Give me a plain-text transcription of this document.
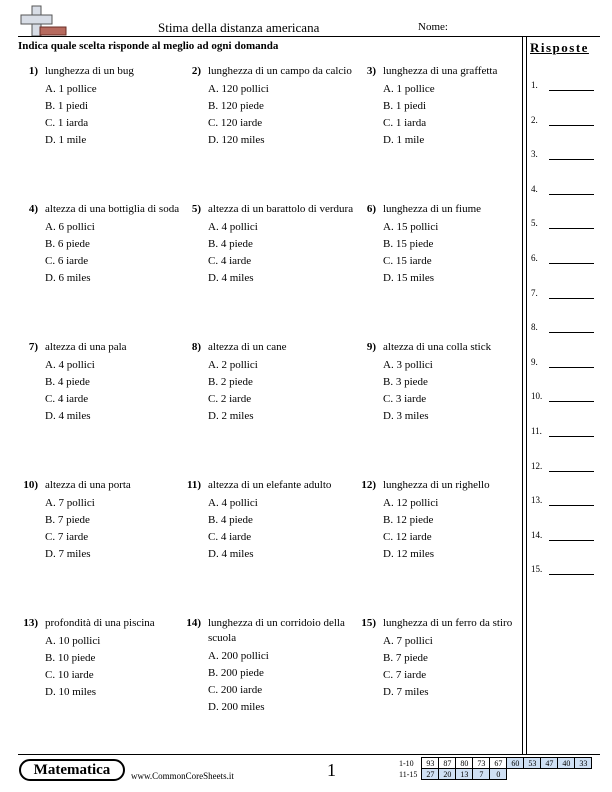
Stima della distanza americana	Nome:
Indica quale scelta risponde al meglio ad ogni domanda	Risposte
1) lunghezza di un bug
A. 1 pollice
B. 1 piedi
C. 1 iarda
D. 1 mile
2) lunghezza di un campo da calcio
A. 120 pollici
B. 120 piede
C. 120 iarde
D. 120 miles
3) lunghezza di una graffetta
A. 1 pollice
B. 1 piedi
C. 1 iarda
D. 1 mile
4) altezza di una bottiglia di soda
A. 6 pollici
B. 6 piede
C. 6 iarde
D. 6 miles
5) altezza di un barattolo di verdura
A. 4 pollici
B. 4 piede
C. 4 iarde
D. 4 miles
6) lunghezza di un fiume
A. 15 pollici
B. 15 piede
C. 15 iarde
D. 15 miles
7) altezza di una pala
A. 4 pollici
B. 4 piede
C. 4 iarde
D. 4 miles
8) altezza di un cane
A. 2 pollici
B. 2 piede
C. 2 iarde
D. 2 miles
9) altezza di una colla stick
A. 3 pollici
B. 3 piede
C. 3 iarde
D. 3 miles
10) altezza di una porta
A. 7 pollici
B. 7 piede
C. 7 iarde
D. 7 miles
11) altezza di un elefante adulto
A. 4 pollici
B. 4 piede
C. 4 iarde
D. 4 miles
12) lunghezza di un righello
A. 12 pollici
B. 12 piede
C. 12 iarde
D. 12 miles
13) profondità di una piscina
A. 10 pollici
B. 10 piede
C. 10 iarde
D. 10 miles
14) lunghezza di un corridoio della scuola
A. 200 pollici
B. 200 piede
C. 200 iarde
D. 200 miles
15) lunghezza di un ferro da stiro
A. 7 pollici
B. 7 piede
C. 7 iarde
D. 7 miles
1.
2.
3.
4.
5.
6.
7.
8.
9.
10.
11.
12.
13.
14.
15.
Matematica	www.CommonCoreSheets.it	1	1-10	93	87	80	73	67	60	53	47	40	33
11-15	27	20	13	7	0					
